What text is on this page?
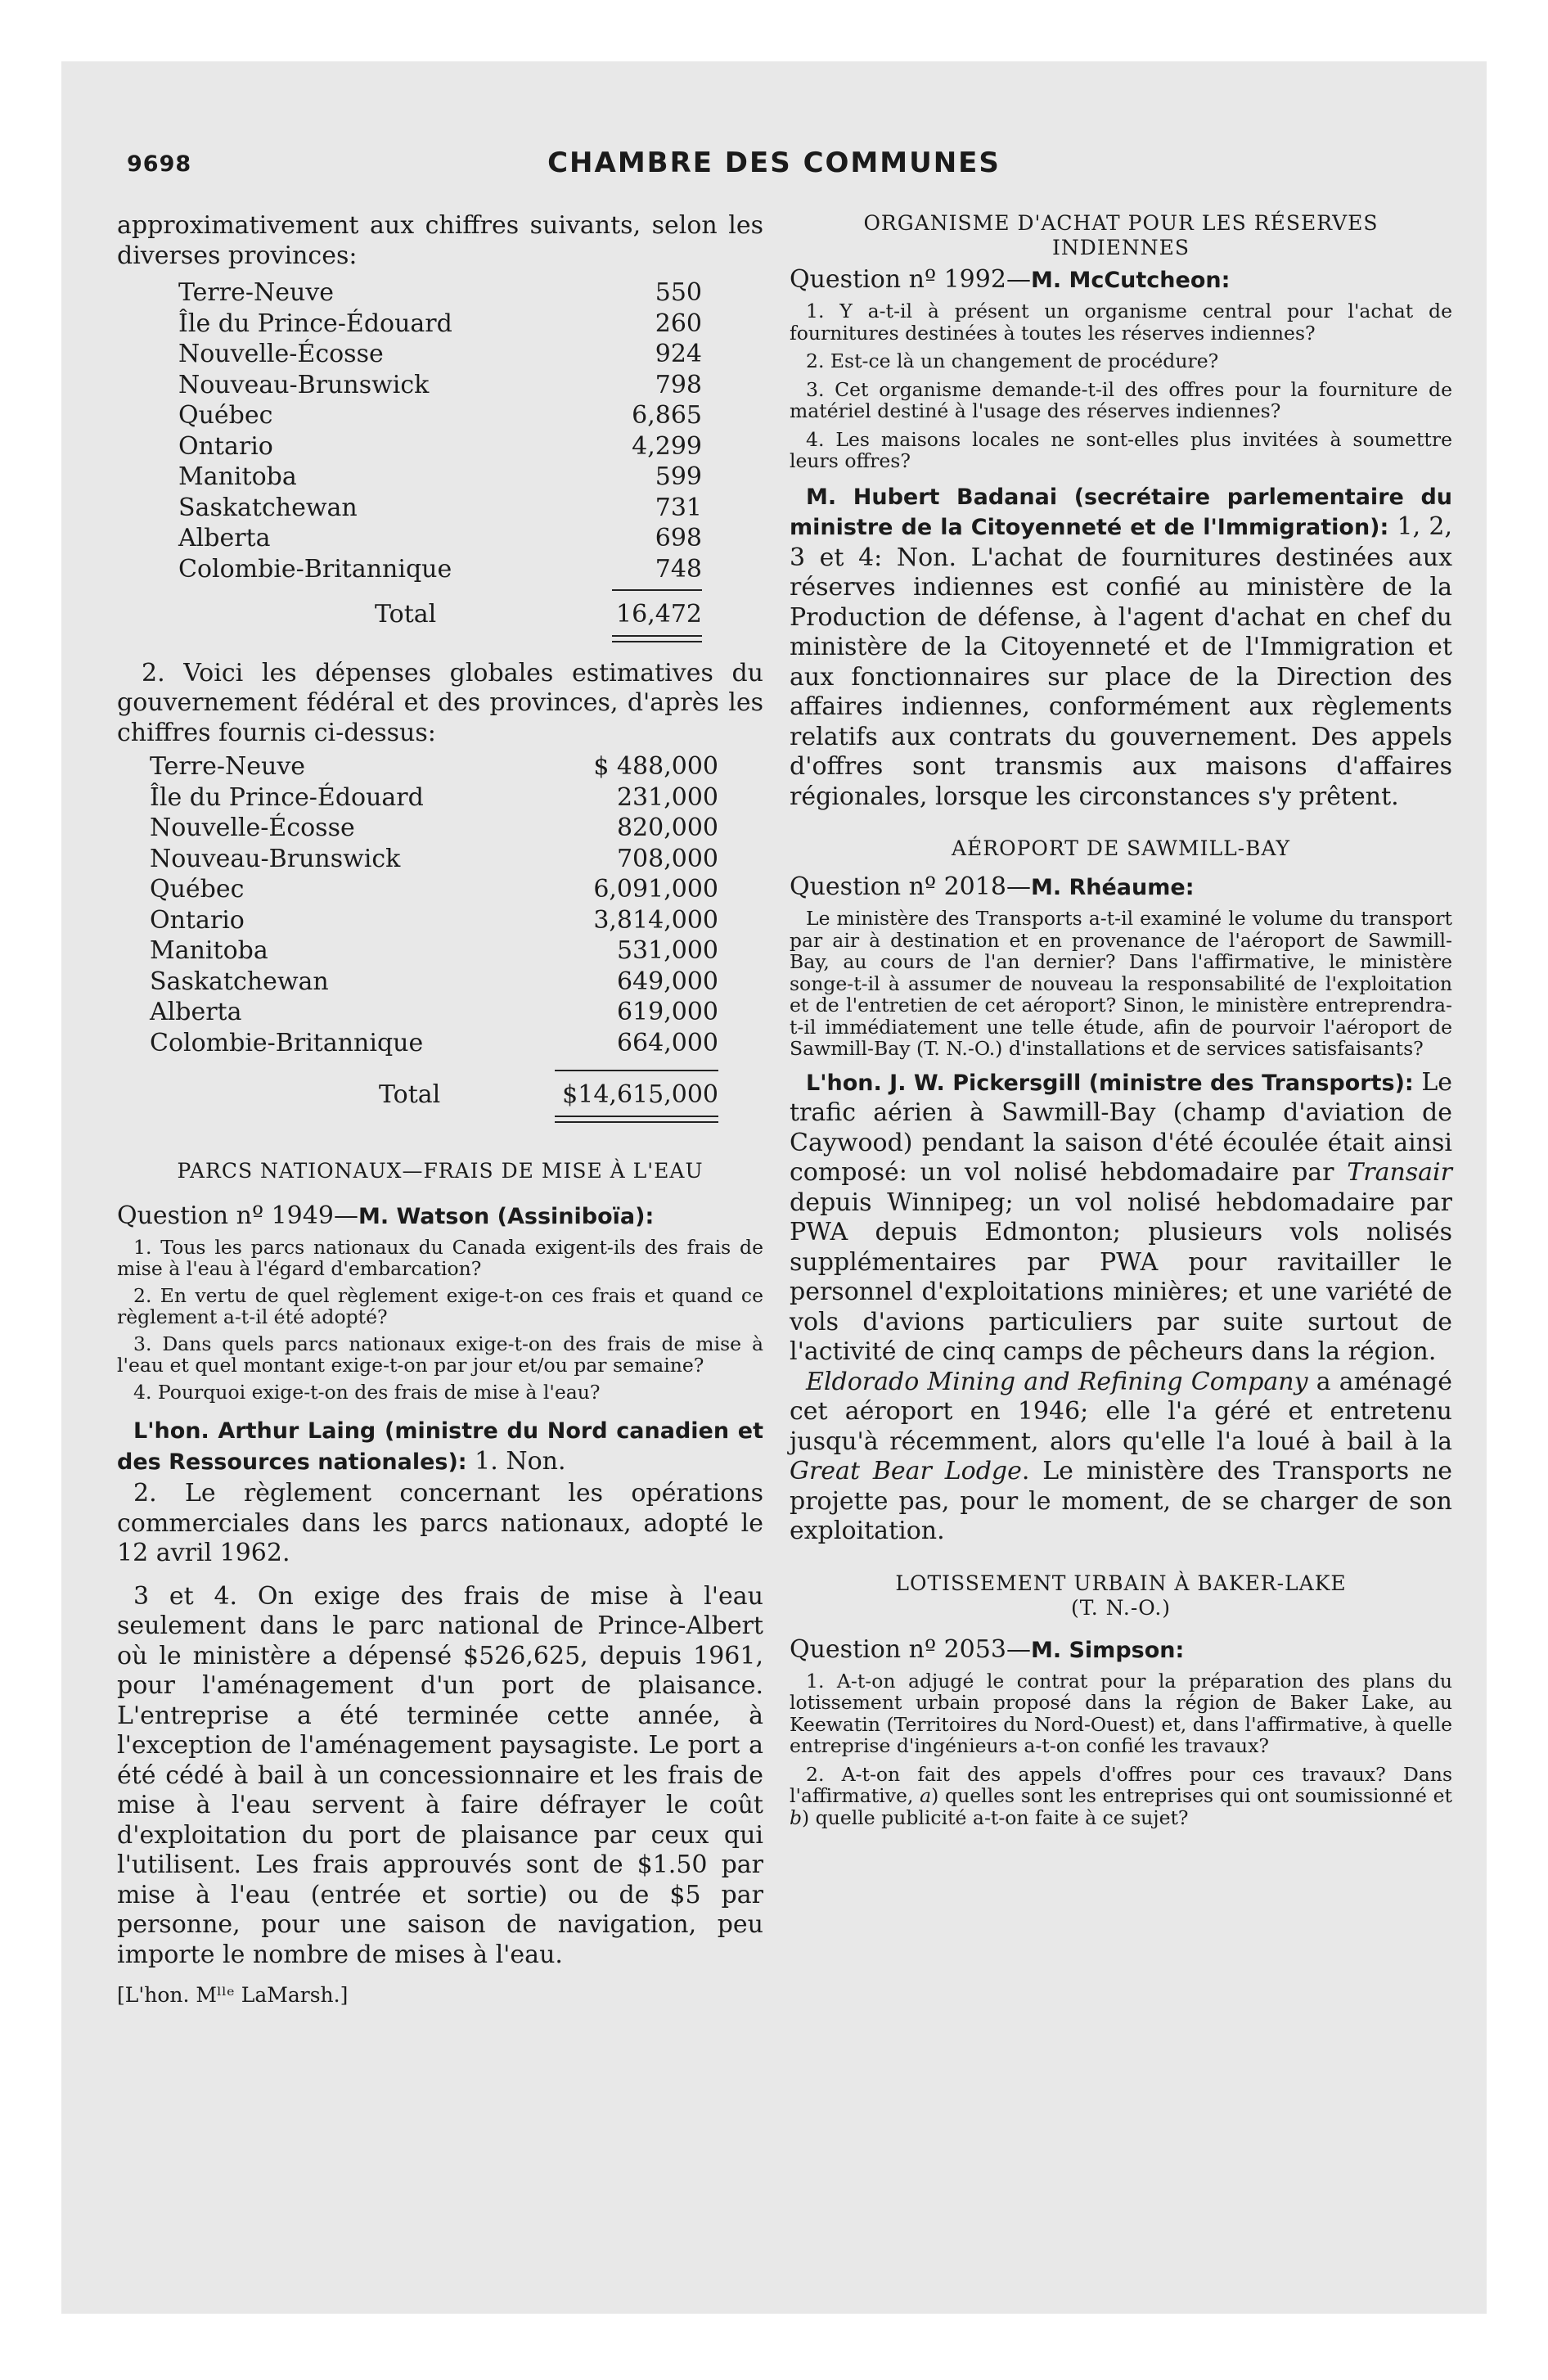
9698	CHAMBRE DES COMMUNES

approximativement aux chiffres suivants, selon les diverses provinces:

Terre-Neuve	550
Île du Prince-Édouard	260
Nouvelle-Écosse	924
Nouveau-Brunswick	798
Québec	6,865
Ontario	4,299
Manitoba	599
Saskatchewan	731
Alberta	698
Colombie-Britannique	748
Total	16,472

2. Voici les dépenses globales estimatives du gouvernement fédéral et des provinces, d'après les chiffres fournis ci-dessus:

Terre-Neuve	$ 488,000
Île du Prince-Édouard	231,000
Nouvelle-Écosse	820,000
Nouveau-Brunswick	708,000
Québec	6,091,000
Ontario	3,814,000
Manitoba	531,000
Saskatchewan	649,000
Alberta	619,000
Colombie-Britannique	664,000
Total	$14,615,000

PARCS NATIONAUX—FRAIS DE MISE À L'EAU

Question nº 1949—M. Watson (Assiniboïa):

1. Tous les parcs nationaux du Canada exigent-ils des frais de mise à l'eau à l'égard d'embarcation?

2. En vertu de quel règlement exige-t-on ces frais et quand ce règlement a-t-il été adopté?

3. Dans quels parcs nationaux exige-t-on des frais de mise à l'eau et quel montant exige-t-on par jour et/ou par semaine?

4. Pourquoi exige-t-on des frais de mise à l'eau?

L'hon. Arthur Laing (ministre du Nord canadien et des Ressources nationales): 1. Non.

2. Le règlement concernant les opérations commerciales dans les parcs nationaux, adopté le 12 avril 1962.

3 et 4. On exige des frais de mise à l'eau seulement dans le parc national de Prince-Albert où le ministère a dépensé $526,625, depuis 1961, pour l'aménagement d'un port de plaisance. L'entreprise a été terminée cette année, à l'exception de l'aménagement paysagiste. Le port a été cédé à bail à un concessionnaire et les frais de mise à l'eau servent à faire défrayer le coût d'exploitation du port de plaisance par ceux qui l'utilisent. Les frais approuvés sont de $1.50 par mise à l'eau (entrée et sortie) ou de $5 par personne, pour une saison de navigation, peu importe le nombre de mises à l'eau.

[L'hon. Mˡˡᵉ LaMarsh.]

ORGANISME D'ACHAT POUR LES RÉSERVES INDIENNES

Question nº 1992—M. McCutcheon:

1. Y a-t-il à présent un organisme central pour l'achat de fournitures destinées à toutes les réserves indiennes?

2. Est-ce là un changement de procédure?

3. Cet organisme demande-t-il des offres pour la fourniture de matériel destiné à l'usage des réserves indiennes?

4. Les maisons locales ne sont-elles plus invitées à soumettre leurs offres?

M. Hubert Badanai (secrétaire parlementaire du ministre de la Citoyenneté et de l'Immigration): 1, 2, 3 et 4: Non. L'achat de fournitures destinées aux réserves indiennes est confié au ministère de la Production de défense, à l'agent d'achat en chef du ministère de la Citoyenneté et de l'Immigration et aux fonctionnaires sur place de la Direction des affaires indiennes, conformément aux règlements relatifs aux contrats du gouvernement. Des appels d'offres sont transmis aux maisons d'affaires régionales, lorsque les circonstances s'y prêtent.

AÉROPORT DE SAWMILL-BAY

Question nº 2018—M. Rhéaume:

Le ministère des Transports a-t-il examiné le volume du transport par air à destination et en provenance de l'aéroport de Sawmill-Bay, au cours de l'an dernier? Dans l'affirmative, le ministère songe-t-il à assumer de nouveau la responsabilité de l'exploitation et de l'entretien de cet aéroport? Sinon, le ministère entreprendra-t-il immédiatement une telle étude, afin de pourvoir l'aéroport de Sawmill-Bay (T. N.-O.) d'installations et de services satisfaisants?

L'hon. J. W. Pickersgill (ministre des Transports): Le trafic aérien à Sawmill-Bay (champ d'aviation de Caywood) pendant la saison d'été écoulée était ainsi composé: un vol nolisé hebdomadaire par Transair depuis Winnipeg; un vol nolisé hebdomadaire par PWA depuis Edmonton; plusieurs vols nolisés supplémentaires par PWA pour ravitailler le personnel d'exploitations minières; et une variété de vols d'avions particuliers par suite surtout de l'activité de cinq camps de pêcheurs dans la région.

Eldorado Mining and Refining Company a aménagé cet aéroport en 1946; elle l'a géré et entretenu jusqu'à récemment, alors qu'elle l'a loué à bail à la Great Bear Lodge. Le ministère des Transports ne projette pas, pour le moment, de se charger de son exploitation.

LOTISSEMENT URBAIN À BAKER-LAKE

(T. N.-O.)

Question nº 2053—M. Simpson:

1. A-t-on adjugé le contrat pour la préparation des plans du lotissement urbain proposé dans la région de Baker Lake, au Keewatin (Territoires du Nord-Ouest) et, dans l'affirmative, à quelle entreprise d'ingénieurs a-t-on confié les travaux?

2. A-t-on fait des appels d'offres pour ces travaux? Dans l'affirmative, a) quelles sont les entreprises qui ont soumissionné et b) quelle publicité a-t-on faite à ce sujet?
